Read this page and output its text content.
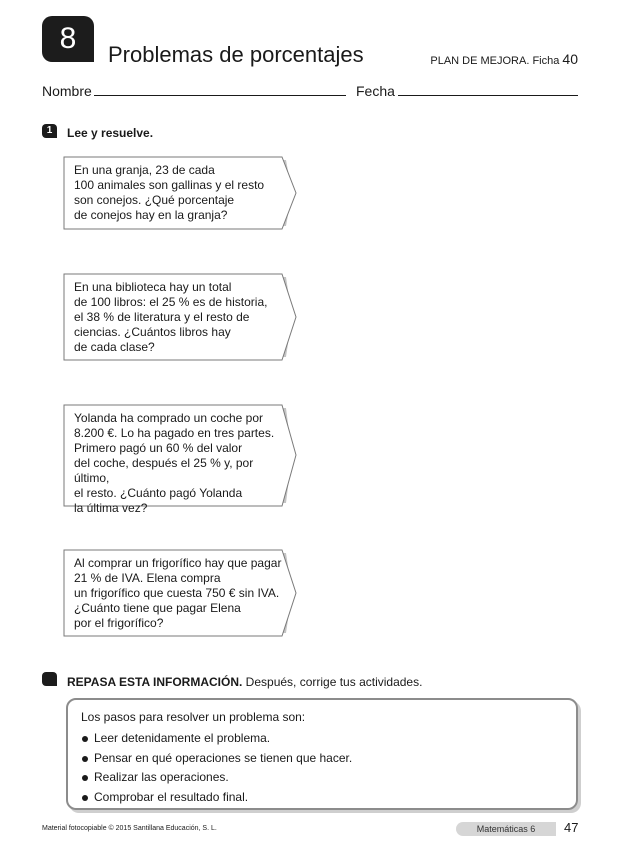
8	Problemas de porcentajes	PLAN DE MEJORA. Ficha 40
Nombre	Fecha
1	Lee y resuelve.
En una granja, 23 de cada
100 animales son gallinas y el resto
son conejos. ¿Qué porcentaje
de conejos hay en la granja?
En una biblioteca hay un total
de 100 libros: el 25 % es de historia,
el 38 % de literatura y el resto de
ciencias. ¿Cuántos libros hay
de cada clase?
Yolanda ha comprado un coche por
8.200 €. Lo ha pagado en tres partes.
Primero pagó un 60 % del valor
del coche, después el 25 % y, por último,
el resto. ¿Cuánto pagó Yolanda
la última vez?
Al comprar un frigorífico hay que pagar
21 % de IVA. Elena compra
un frigorífico que cuesta 750 € sin IVA.
¿Cuánto tiene que pagar Elena
por el frigorífico?
REPASA ESTA INFORMACIÓN. Después, corrige tus actividades.
Los pasos para resolver un problema son:
Leer detenidamente el problema.
Pensar en qué operaciones se tienen que hacer.
Realizar las operaciones.
Comprobar el resultado final.
Material fotocopiable © 2015 Santillana Educación, S. L.	Matemáticas 6	47
